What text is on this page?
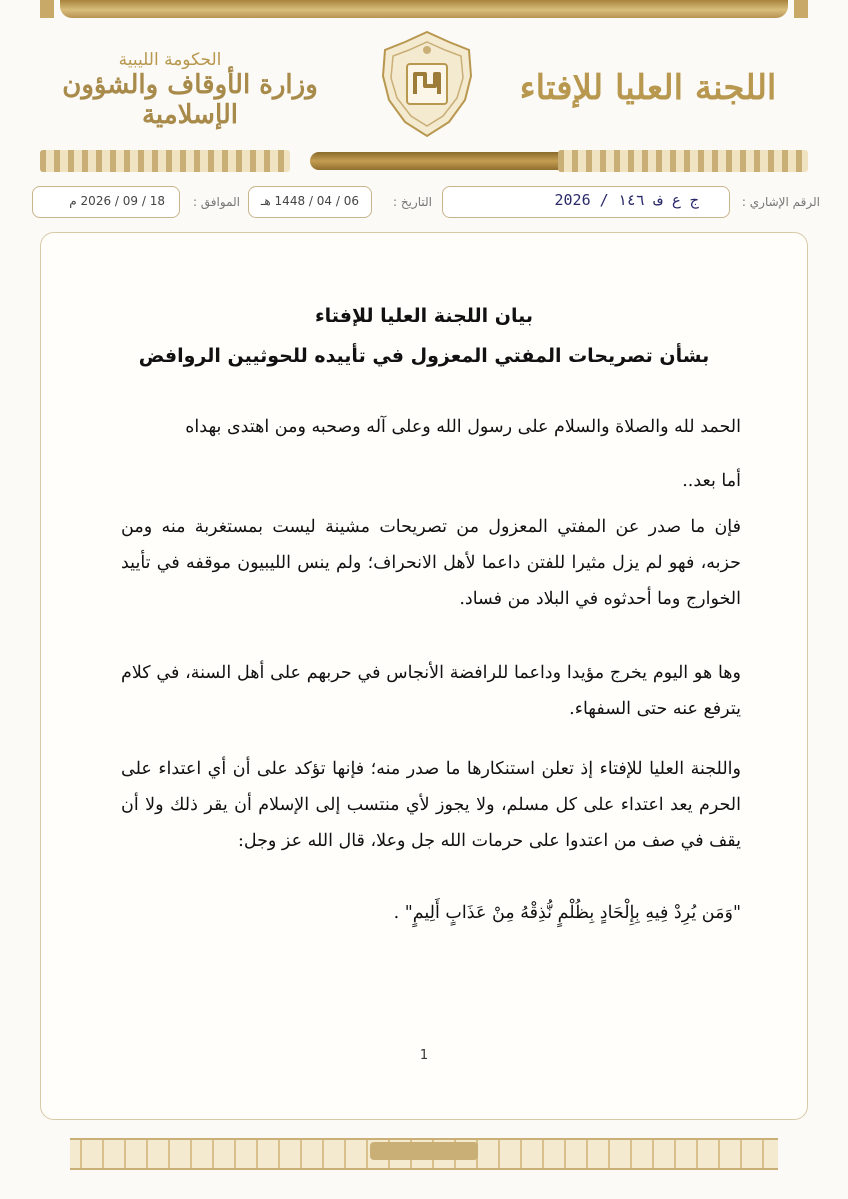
الحكومة الليبية
وزارة الأوقاف والشؤون الإسلامية
اللجنة العليا للإفتاء
الرقم الإشاري :
ج ع ف ١٤٦ / 2026
التاريخ :
06 / 04 / 1448 هـ
الموافق :
18 / 09 / 2026 م
بيان اللجنة العليا للإفتاء
بشأن تصريحات المفتي المعزول في تأييده للحوثيين الروافض
الحمد لله والصلاة والسلام على رسول الله وعلى آله وصحبه ومن اهتدى بهداه
أما بعد..
فإن ما صدر عن المفتي المعزول من تصريحات مشينة ليست بمستغربة منه ومن حزبه، فهو لم يزل مثيرا للفتن داعما لأهل الانحراف؛ ولم ينس الليبيون موقفه في تأييد الخوارج وما أحدثوه في البلاد من فساد.
وها هو اليوم يخرج مؤيدا وداعما للرافضة الأنجاس في حربهم على أهل السنة، في كلام يترفع عنه حتى السفهاء.
واللجنة العليا للإفتاء إذ تعلن استنكارها ما صدر منه؛ فإنها تؤكد على أن أي اعتداء على الحرم يعد اعتداء على كل مسلم، ولا يجوز لأي منتسب إلى الإسلام أن يقر ذلك ولا أن يقف في صف من اعتدوا على حرمات الله جل وعلا، قال الله عز وجل:
"وَمَن يُرِدْ فِيهِ بِإِلْحَادٍ بِظُلْمٍ نُّذِقْهُ مِنْ عَذَابٍ أَلِيمٍ" .
1
